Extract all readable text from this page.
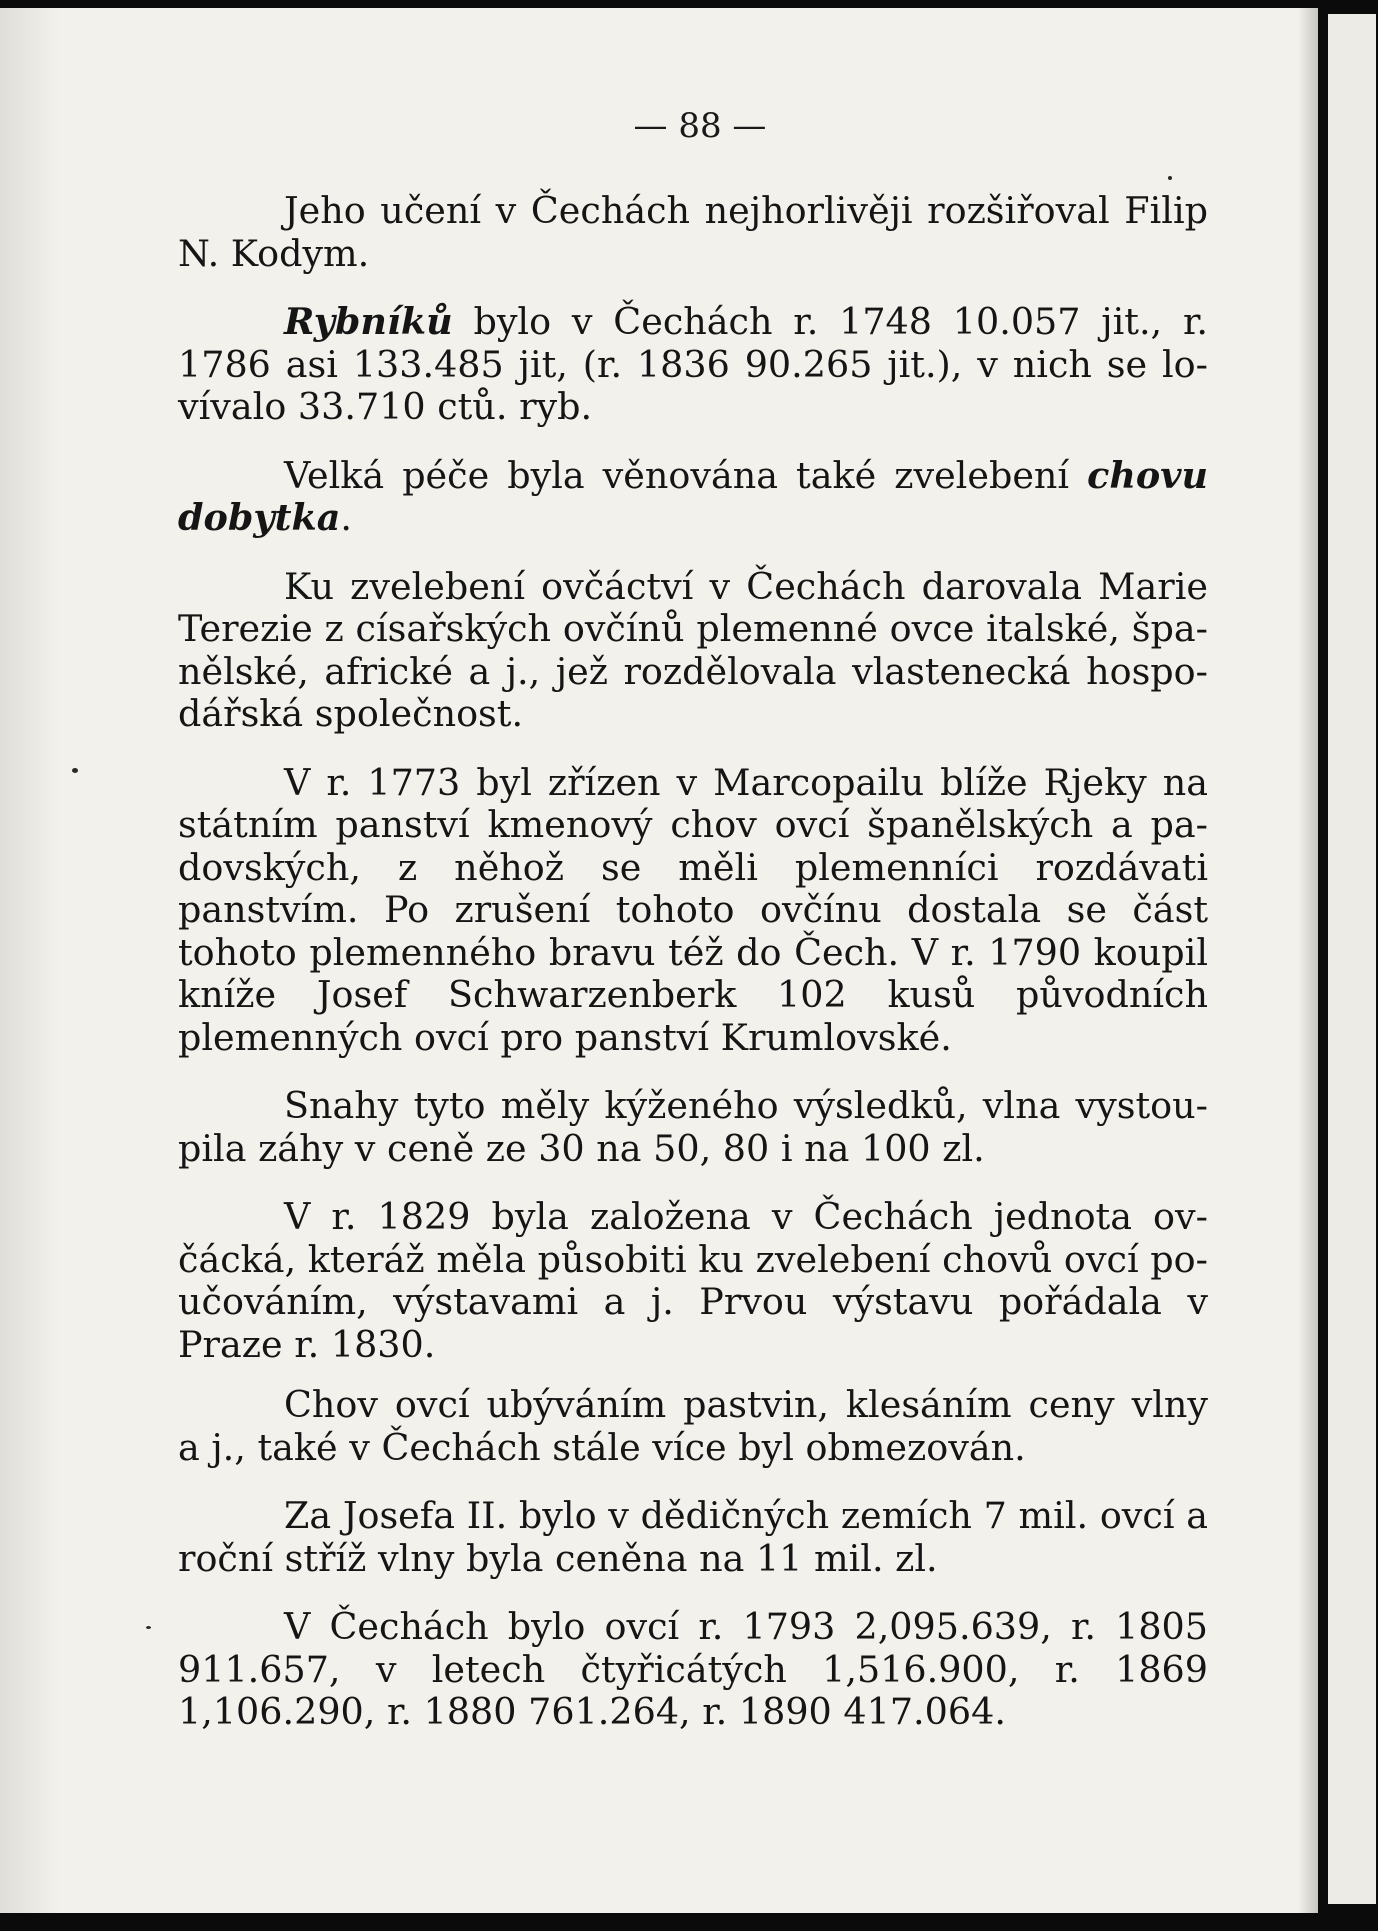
— 88 —

Jeho učení v Čechách nejhorlivěji rozšiřoval Filip N. Kodym.

Rybníků bylo v Čechách r. 1748 10.057 jit., r. 1786 asi 133.485 jit, (r. 1836 90.265 jit.), v nich se lovívalo 33.710 ctů. ryb.

Velká péče byla věnována také zvelebení chovu dobytka.

Ku zvelebení ovčáctví v Čechách darovala Marie Terezie z císařských ovčínů plemenné ovce italské, španělské, africké a j., jež rozdělovala vlastenecká hospodářská společnost.

V r. 1773 byl zřízen v Marcopailu blíže Rjeky na státním panství kmenový chov ovcí španělských a padovských, z něhož se měli plemenníci rozdávati panstvím. Po zrušení tohoto ovčínu dostala se část tohoto plemenného bravu též do Čech. V r. 1790 koupil kníže Josef Schwarzenberk 102 kusů původních plemenných ovcí pro panství Krumlovské.

Snahy tyto měly kýženého výsledků, vlna vystoupila záhy v ceně ze 30 na 50, 80 i na 100 zl.

V r. 1829 byla založena v Čechách jednota ovčácká, kteráž měla působiti ku zvelebení chovů ovcí poučováním, výstavami a j. Prvou výstavu pořádala v Praze r. 1830.

Chov ovcí ubýváním pastvin, klesáním ceny vlny a j., také v Čechách stále více byl obmezován.

Za Josefa II. bylo v dědičných zemích 7 mil. ovcí a roční stříž vlny byla ceněna na 11 mil. zl.

V Čechách bylo ovcí r. 1793 2,095.639, r. 1805 911.657, v letech čtyřicátých 1,516.900, r. 1869 1,106.290, r. 1880 761.264, r. 1890 417.064.
